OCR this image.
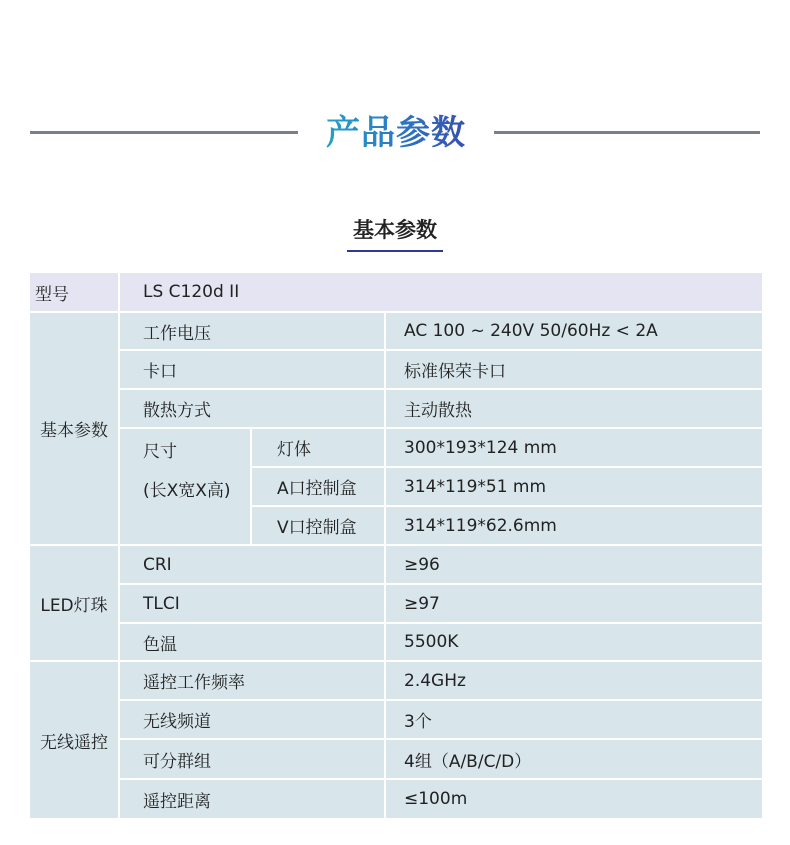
产品参数
基本参数
型号	LS C120d II
基本参数
工作电压	AC 100 ~ 240V 50/60Hz < 2A
卡口	标准保荣卡口
散热方式	主动散热
尺寸
(长X宽X高)
灯体	300*193*124 mm
A口控制盒	314*119*51 mm
V口控制盒	314*119*62.6mm
LED灯珠
CRI	≥96
TLCI	≥97
色温	5500K
无线遥控
遥控工作频率	2.4GHz
无线频道	3个
可分群组	4组（A/B/C/D）
遥控距离	≤100m
